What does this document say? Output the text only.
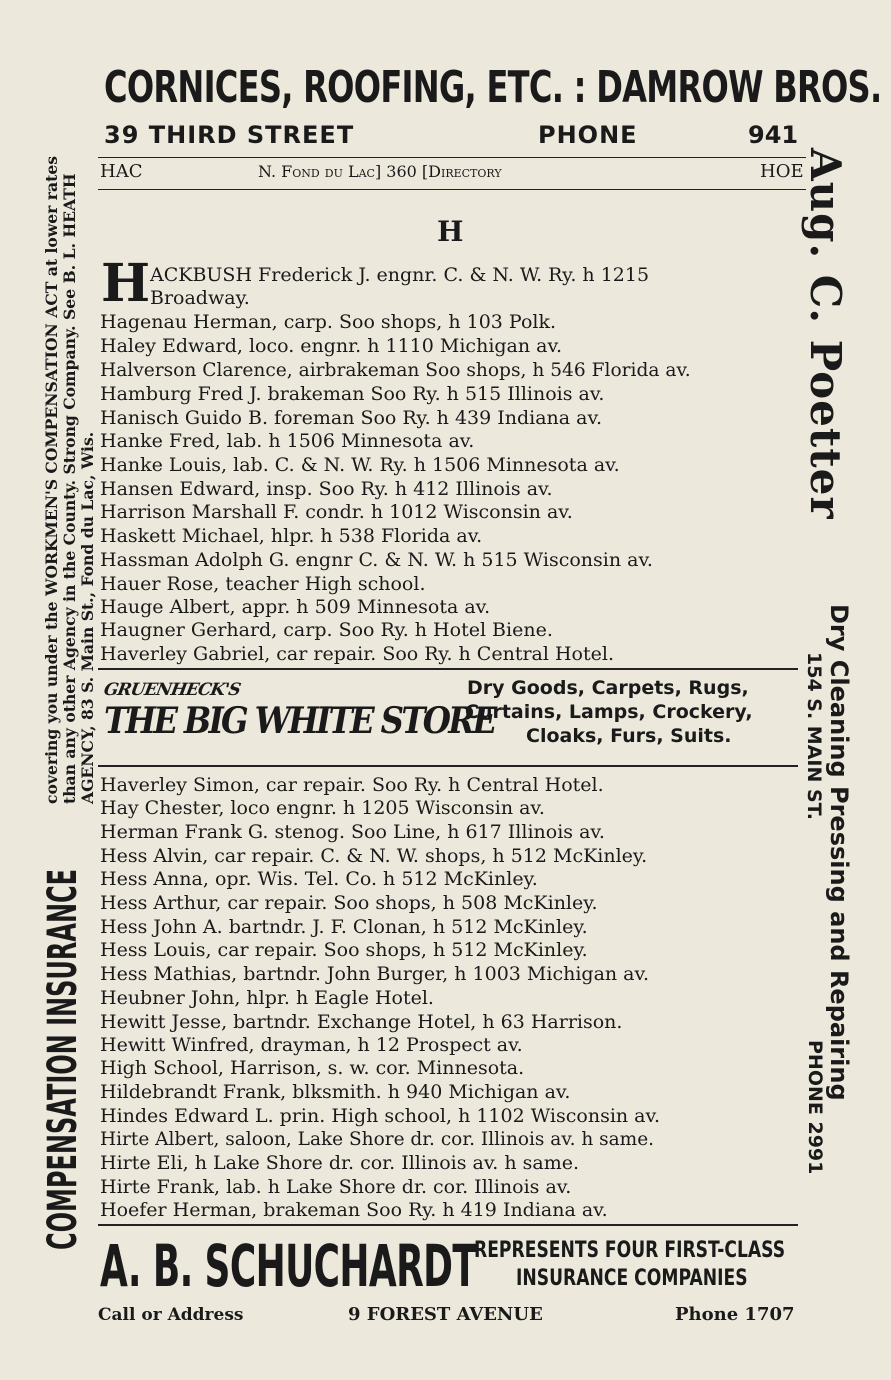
CORNICES, ROOFING, ETC. : DAMROW BROS.
39 THIRD STREET	PHONE	941
HAC	N. Fond du Lac] 360 [Directory	HOE
H
H ACKBUSH Frederick J. engnr. C. & N. W. Ry. h 1215
Broadway.
Hagenau Herman, carp. Soo shops, h 103 Polk.
Haley Edward, loco. engnr. h 1110 Michigan av.
Halverson Clarence, airbrakeman Soo shops, h 546 Florida av.
Hamburg Fred J. brakeman Soo Ry. h 515 Illinois av.
Hanisch Guido B. foreman Soo Ry. h 439 Indiana av.
Hanke Fred, lab. h 1506 Minnesota av.
Hanke Louis, lab. C. & N. W. Ry. h 1506 Minnesota av.
Hansen Edward, insp. Soo Ry. h 412 Illinois av.
Harrison Marshall F. condr. h 1012 Wisconsin av.
Haskett Michael, hlpr. h 538 Florida av.
Hassman Adolph G. engnr C. & N. W. h 515 Wisconsin av.
Hauer Rose, teacher High school.
Hauge Albert, appr. h 509 Minnesota av.
Haugner Gerhard, carp. Soo Ry. h Hotel Biene.
Haverley Gabriel, car repair. Soo Ry. h Central Hotel.
GRUENHECK'S
THE BIG WHITE STORE
Dry Goods, Carpets, Rugs,
Curtains, Lamps, Crockery,
Cloaks, Furs, Suits.
Haverley Simon, car repair. Soo Ry. h Central Hotel.
Hay Chester, loco engnr. h 1205 Wisconsin av.
Herman Frank G. stenog. Soo Line, h 617 Illinois av.
Hess Alvin, car repair. C. & N. W. shops, h 512 McKinley.
Hess Anna, opr. Wis. Tel. Co. h 512 McKinley.
Hess Arthur, car repair. Soo shops, h 508 McKinley.
Hess John A. bartndr. J. F. Clonan, h 512 McKinley.
Hess Louis, car repair. Soo shops, h 512 McKinley.
Hess Mathias, bartndr. John Burger, h 1003 Michigan av.
Heubner John, hlpr. h Eagle Hotel.
Hewitt Jesse, bartndr. Exchange Hotel, h 63 Harrison.
Hewitt Winfred, drayman, h 12 Prospect av.
High School, Harrison, s. w. cor. Minnesota.
Hildebrandt Frank, blksmith. h 940 Michigan av.
Hindes Edward L. prin. High school, h 1102 Wisconsin av.
Hirte Albert, saloon, Lake Shore dr. cor. Illinois av. h same.
Hirte Eli, h Lake Shore dr. cor. Illinois av. h same.
Hirte Frank, lab. h Lake Shore dr. cor. Illinois av.
Hoefer Herman, brakeman Soo Ry. h 419 Indiana av.
A. B. SCHUCHARDT
REPRESENTS FOUR FIRST-CLASS
INSURANCE COMPANIES
Call or Address	9 FOREST AVENUE	Phone 1707
COMPENSATION INSURANCE
covering you under the WORKMEN'S COMPENSATION ACT at lower rates than any other Agency in the County. Strong Company. See B. L. HEATH AGENCY, 83 S. Main St., Fond du Lac, Wis.
Aug. C. Poetter
154 S. MAIN ST. Dry Cleaning Pressing and Repairing
PHONE 2991
